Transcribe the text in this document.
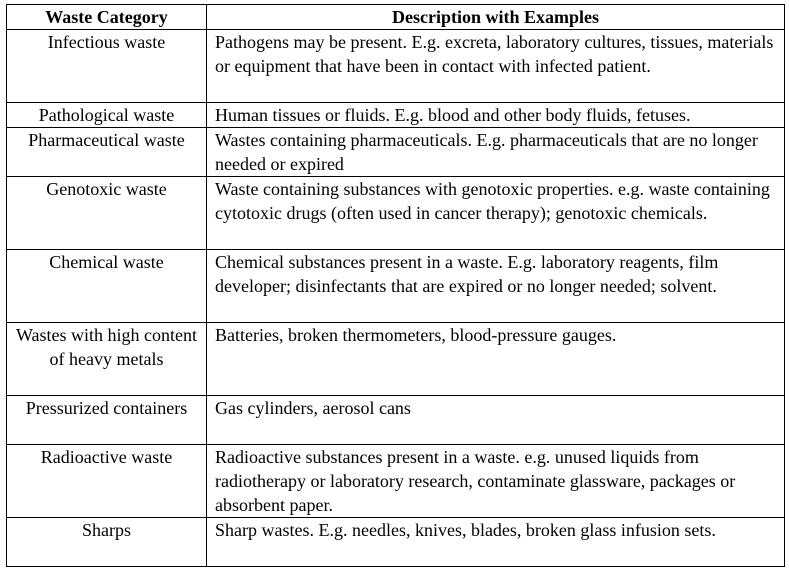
Waste Category	Description with Examples
Infectious waste	Pathogens may be present. E.g. excreta, laboratory cultures, tissues, materials or equipment that have been in contact with infected patient.
Pathological waste	Human tissues or fluids. E.g. blood and other body fluids, fetuses.
Pharmaceutical waste	Wastes containing pharmaceuticals. E.g. pharmaceuticals that are no longer needed or expired
Genotoxic waste	Waste containing substances with genotoxic properties. e.g. waste containing cytotoxic drugs (often used in cancer therapy); genotoxic chemicals.
Chemical waste	Chemical substances present in a waste. E.g. laboratory reagents, film developer; disinfectants that are expired or no longer needed; solvent.
Wastes with high content of heavy metals	Batteries, broken thermometers, blood-pressure gauges.
Pressurized containers	Gas cylinders, aerosol cans
Radioactive waste	Radioactive substances present in a waste. e.g. unused liquids from radiotherapy or laboratory research, contaminate glassware, packages or absorbent paper.
Sharps	Sharp wastes. E.g. needles, knives, blades, broken glass infusion sets.
